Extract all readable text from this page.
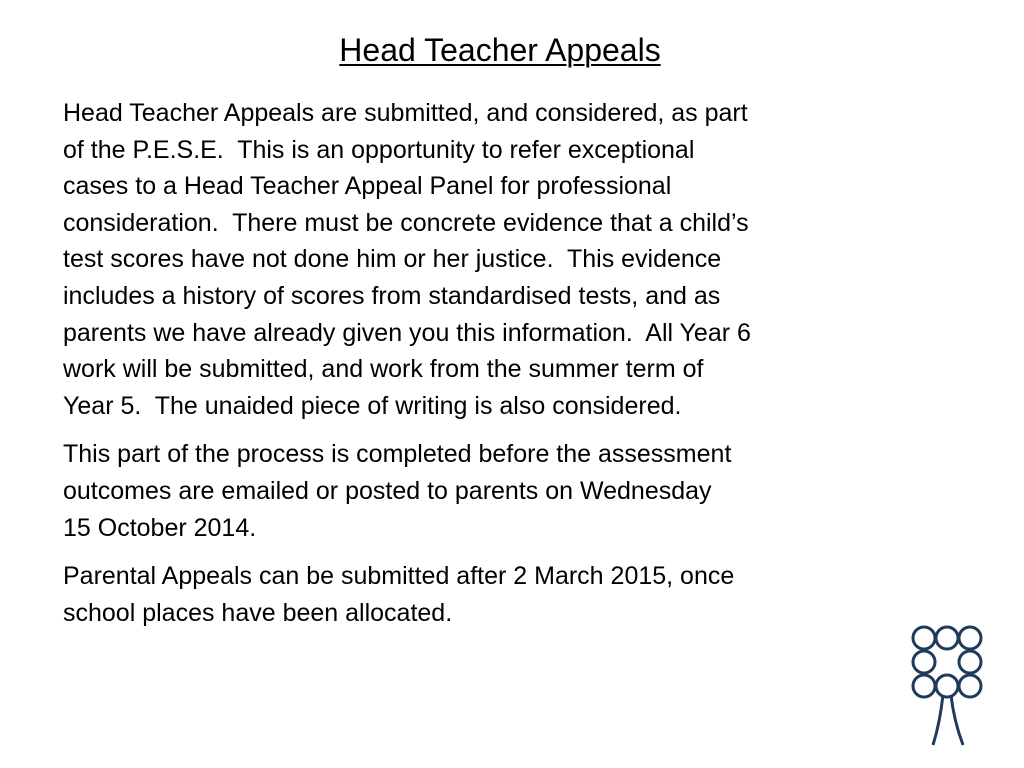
Head Teacher Appeals

Head Teacher Appeals are submitted, and considered, as part
of the P.E.S.E.  This is an opportunity to refer exceptional
cases to a Head Teacher Appeal Panel for professional
consideration.  There must be concrete evidence that a child’s
test scores have not done him or her justice.  This evidence
includes a history of scores from standardised tests, and as
parents we have already given you this information.  All Year 6
work will be submitted, and work from the summer term of
Year 5.  The unaided piece of writing is also considered.

This part of the process is completed before the assessment
outcomes are emailed or posted to parents on Wednesday
15 October 2014.

Parental Appeals can be submitted after 2 March 2015, once
school places have been allocated.
